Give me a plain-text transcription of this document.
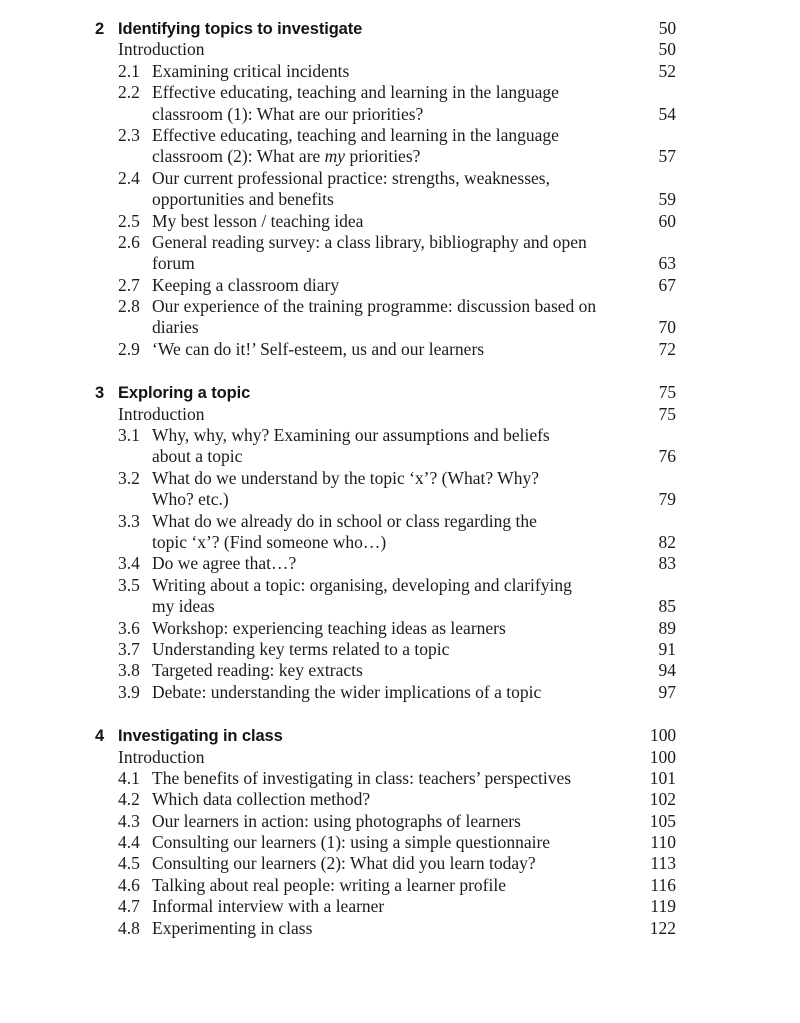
2 Identifying topics to investigate	50
Introduction	50
2.1 Examining critical incidents	52
2.2 Effective educating, teaching and learning in the language
classroom (1): What are our priorities?	54
2.3 Effective educating, teaching and learning in the language
classroom (2): What are my priorities?	57
2.4 Our current professional practice: strengths, weaknesses,
opportunities and benefits	59
2.5 My best lesson / teaching idea	60
2.6 General reading survey: a class library, bibliography and open
forum	63
2.7 Keeping a classroom diary	67
2.8 Our experience of the training programme: discussion based on
diaries	70
2.9 ‘We can do it!’ Self-esteem, us and our learners	72
3 Exploring a topic	75
Introduction	75
3.1 Why, why, why? Examining our assumptions and beliefs
about a topic	76
3.2 What do we understand by the topic ‘x’? (What? Why?
Who? etc.)	79
3.3 What do we already do in school or class regarding the
topic ‘x’? (Find someone who…)	82
3.4 Do we agree that…?	83
3.5 Writing about a topic: organising, developing and clarifying
my ideas	85
3.6 Workshop: experiencing teaching ideas as learners	89
3.7 Understanding key terms related to a topic	91
3.8 Targeted reading: key extracts	94
3.9 Debate: understanding the wider implications of a topic	97
4 Investigating in class	100
Introduction	100
4.1 The benefits of investigating in class: teachers’ perspectives	101
4.2 Which data collection method?	102
4.3 Our learners in action: using photographs of learners	105
4.4 Consulting our learners (1): using a simple questionnaire	110
4.5 Consulting our learners (2): What did you learn today?	113
4.6 Talking about real people: writing a learner profile	116
4.7 Informal interview with a learner	119
4.8 Experimenting in class	122
